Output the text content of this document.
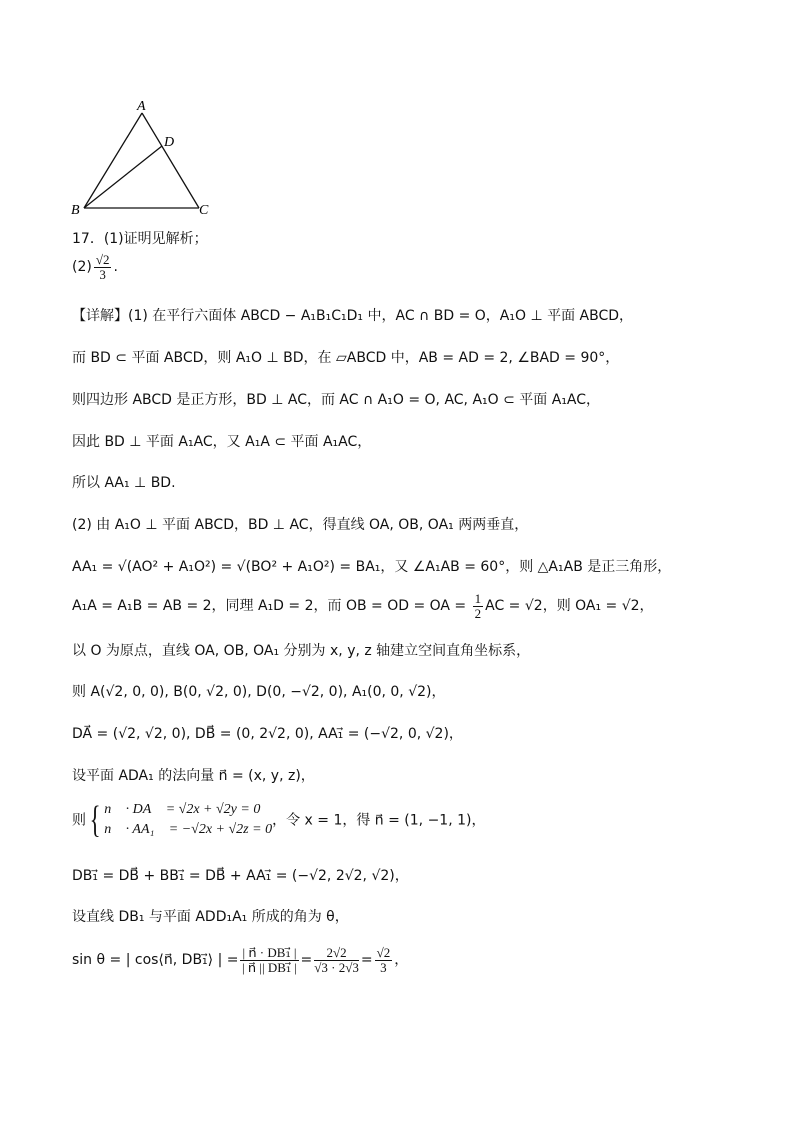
A
D
B	C
17．(1)证明见解析；
$(2) \frac{√2}{3}$ .
【详解】(1) 在平行六面体 ABCD − A₁B₁C₁D₁ 中，AC ∩ BD = O，A₁O ⊥ 平面 ABCD，
而 BD ⊂ 平面 ABCD，则 A₁O ⊥ BD，在 ▱ABCD 中，AB = AD = 2, ∠BAD = 90°，
则四边形 ABCD 是正方形，BD ⊥ AC，而 AC ∩ A₁O = O, AC, A₁O ⊂ 平面 A₁AC，
因此 BD ⊥ 平面 A₁AC，又 A₁A ⊂ 平面 A₁AC，
所以 AA₁ ⊥ BD.
(2) 由 A₁O ⊥ 平面 ABCD，BD ⊥ AC，得直线 OA, OB, OA₁ 两两垂直，
AA₁ = √(AO² + A₁O²) = √(BO² + A₁O²) = BA₁，又 ∠A₁AB = 60°，则 △A₁AB 是正三角形，
A₁A = A₁B = AB = 2，同理 A₁D = 2，而 OB = OD = OA = $\frac{1}{2}$ AC = √2，则 OA₁ = √2，
以 O 为原点，直线 OA, OB, OA₁ 分别为 x, y, z 轴建立空间直角坐标系，
则 A(√2, 0, 0), B(0, √2, 0), D(0, −√2, 0), A₁(0, 0, √2)，
DA⃗ = (√2, √2, 0), DB⃗ = (0, 2√2, 0), AA₁⃗ = (−√2, 0, √2)，
设平面 ADA₁ 的法向量 n⃗ = (x, y, z)，
则{ n⃗ · DA⃗ = √2x + √2y = 0
n⃗ · AA₁⃗ = −√2x + √2z = 0
，令 x = 1，得 n⃗ = (1, −1, 1)，
DB₁⃗ = DB⃗ + BB₁⃗ = DB⃗ + AA₁⃗ = (−√2, 2√2, √2)，
设直线 DB₁ 与平面 ADD₁A₁ 所成的角为 θ，
sin θ = | cos⟨n⃗, DB₁⃗⟩ | = $\frac{\text{| n⃗ · DB₁⃗ |}}{\text{| n⃗ || DB₁⃗ |}} = \frac{2√2}{√3 \cdot 2√3} = \frac{√2}{3}$ ，
